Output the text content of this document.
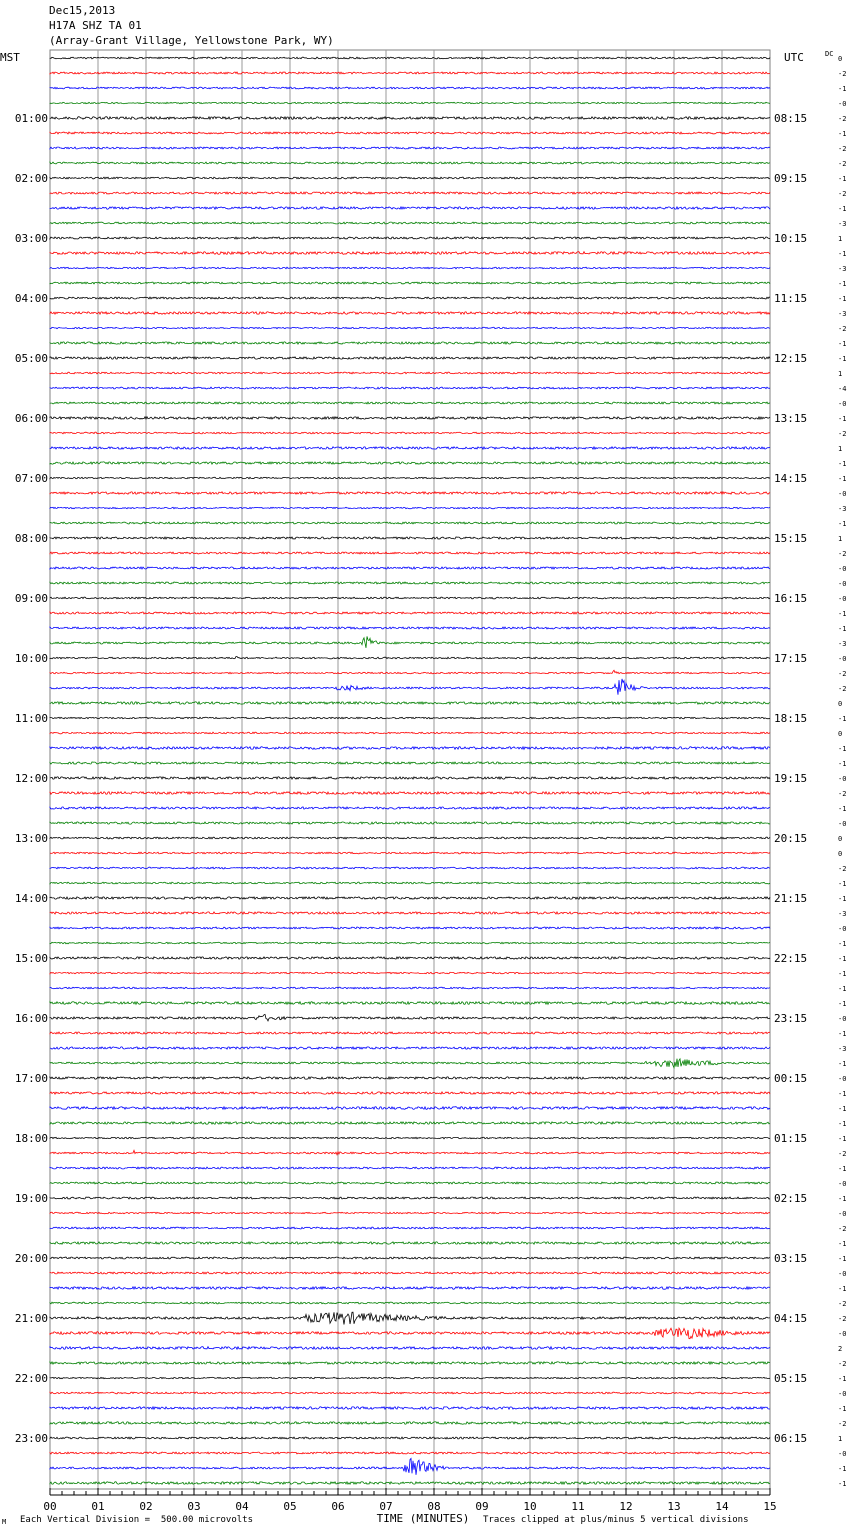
Dec15,2013
H17A SHZ TA 01
(Array-Grant Village, Yellowstone Park, WY)
0
-2
-1
-0
-2
-1
-2
-2
-1
-2
-1
-3
1
-1
-3
-1
-1
-3
-2
-1
-1
1
-4
-0
-1
-2
1
-1
-1
-0
-3
-1
1
-2
-0
-0
-0
-1
-1
-3
-0
-2
-2
0
-1
0
-1
-1
-0
-2
-1
-0
0
0
-2
-1
-1
-3
-0
-1
-1
-1
-1
-1
-0
-1
-3
-1
-0
-1
-1
-1
-1
-2
-1
-0
-1
-0
-2
-1
-1
-0
-1
-2
-2
-0
2
-2
-1
-0
-1
-2
1
-0
-1
-1
MST	UTC	DC
01:00
02:00
03:00
04:00
05:00
06:00
07:00
08:00
09:00
10:00
11:00
12:00
13:00
14:00
15:00
16:00
17:00
18:00
19:00
20:00
21:00
22:00
23:00
08:15
09:15
10:15
11:15
12:15
13:15
14:15
15:15
16:15
17:15
18:15
19:15
20:15
21:15
22:15
23:15
00:15
01:15
02:15
03:15
04:15
05:15
06:15
00	01	02	03	04	05	06	07	08	09	10	11	12	13	14	15
TIME (MINUTES)
M Each Vertical Division =  500.00 microvolts	Traces clipped at plus/minus 5 vertical divisions
